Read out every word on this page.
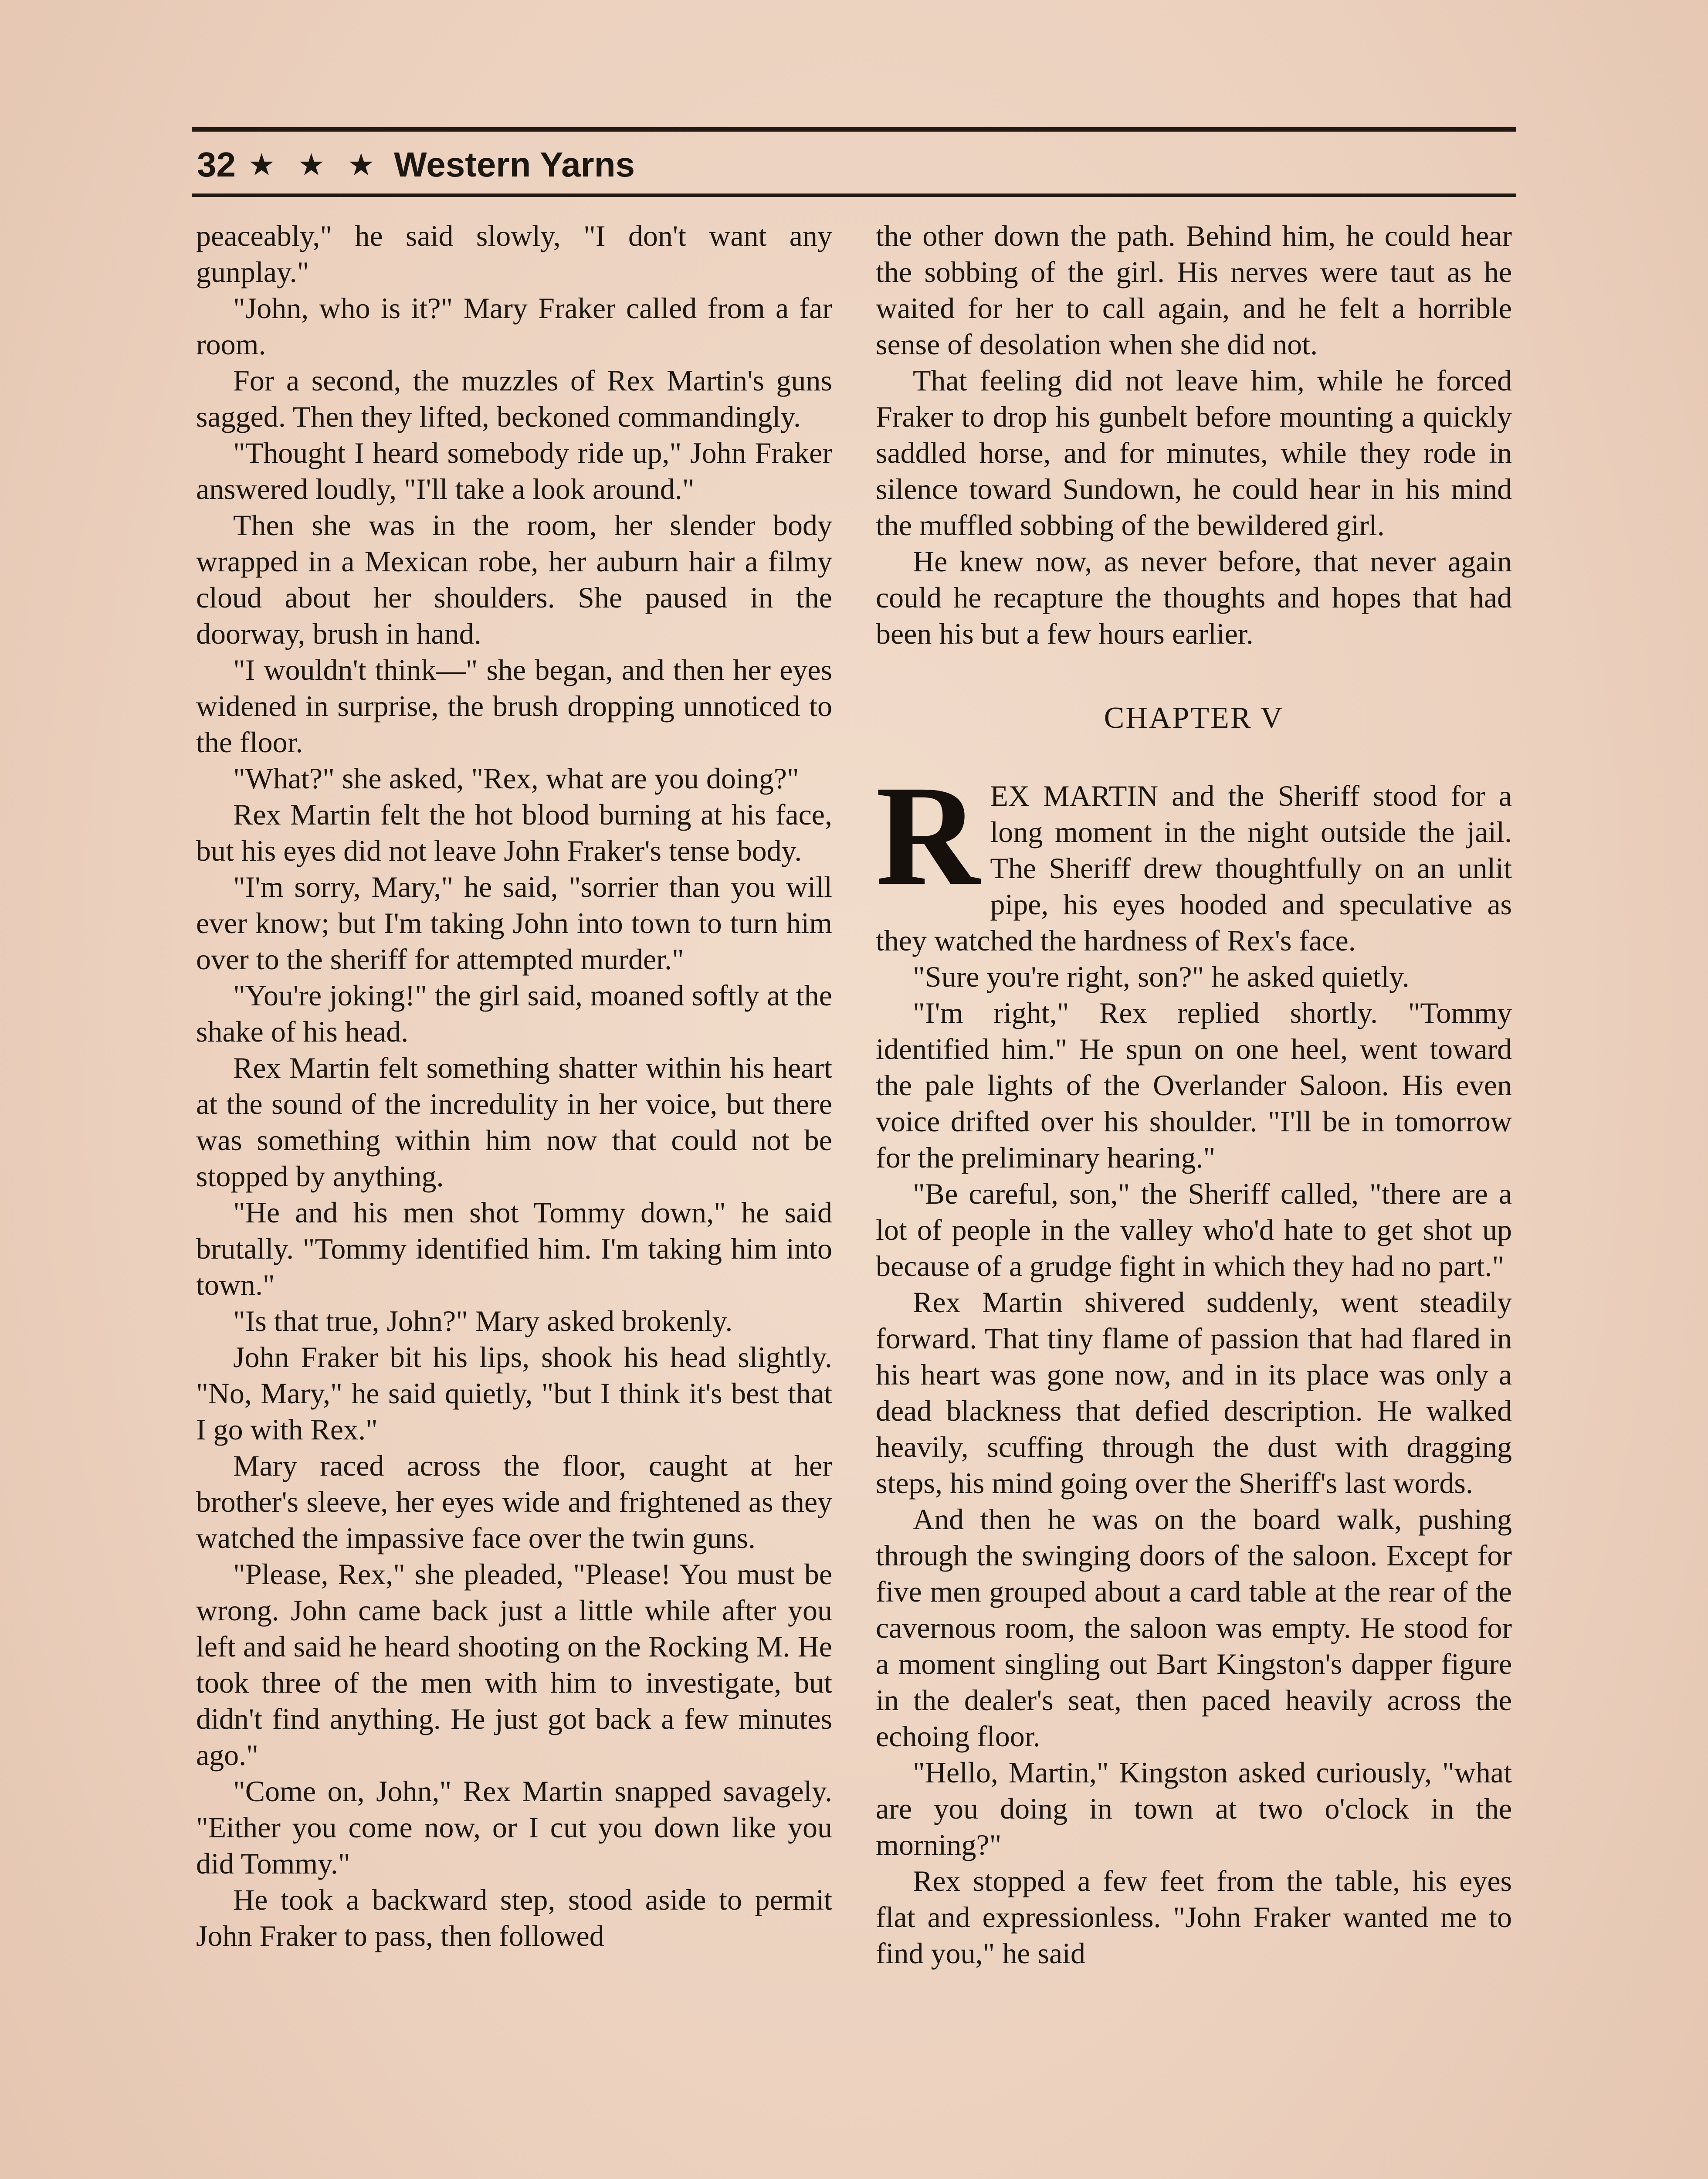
32 ★ ★ ★ Western Yarns

peaceably," he said slowly, "I don't want any gunplay."

"John, who is it?" Mary Fraker called from a far room.

For a second, the muzzles of Rex Martin's guns sagged. Then they lifted, beckoned commandingly.

"Thought I heard somebody ride up," John Fraker answered loudly, "I'll take a look around."

Then she was in the room, her slender body wrapped in a Mexican robe, her auburn hair a filmy cloud about her shoulders. She paused in the doorway, brush in hand.

"I wouldn't think—" she began, and then her eyes widened in surprise, the brush dropping unnoticed to the floor.

"What?" she asked, "Rex, what are you doing?"

Rex Martin felt the hot blood burning at his face, but his eyes did not leave John Fraker's tense body.

"I'm sorry, Mary," he said, "sorrier than you will ever know; but I'm taking John into town to turn him over to the sheriff for attempted murder."

"You're joking!" the girl said, moaned softly at the shake of his head.

Rex Martin felt something shatter within his heart at the sound of the incredulity in her voice, but there was something within him now that could not be stopped by anything.

"He and his men shot Tommy down," he said brutally. "Tommy identified him. I'm taking him into town."

"Is that true, John?" Mary asked brokenly.

John Fraker bit his lips, shook his head slightly. "No, Mary," he said quietly, "but I think it's best that I go with Rex."

Mary raced across the floor, caught at her brother's sleeve, her eyes wide and frightened as they watched the impassive face over the twin guns.

"Please, Rex," she pleaded, "Please! You must be wrong. John came back just a little while after you left and said he heard shooting on the Rocking M. He took three of the men with him to investigate, but didn't find anything. He just got back a few minutes ago."

"Come on, John," Rex Martin snapped savagely. "Either you come now, or I cut you down like you did Tommy."

He took a backward step, stood aside to permit John Fraker to pass, then followed

the other down the path. Behind him, he could hear the sobbing of the girl. His nerves were taut as he waited for her to call again, and he felt a horrible sense of desolation when she did not.

That feeling did not leave him, while he forced Fraker to drop his gunbelt before mounting a quickly saddled horse, and for minutes, while they rode in silence toward Sundown, he could hear in his mind the muffled sobbing of the bewildered girl.

He knew now, as never before, that never again could he recapture the thoughts and hopes that had been his but a few hours earlier.

CHAPTER V

R EX MARTIN and the Sheriff stood for a long moment in the night outside the jail. The Sheriff drew thoughtfully on an unlit pipe, his eyes hooded and speculative as they watched the hardness of Rex's face.

"Sure you're right, son?" he asked quietly.

"I'm right," Rex replied shortly. "Tommy identified him." He spun on one heel, went toward the pale lights of the Overlander Saloon. His even voice drifted over his shoulder. "I'll be in tomorrow for the preliminary hearing."

"Be careful, son," the Sheriff called, "there are a lot of people in the valley who'd hate to get shot up because of a grudge fight in which they had no part."

Rex Martin shivered suddenly, went steadily forward. That tiny flame of passion that had flared in his heart was gone now, and in its place was only a dead blackness that defied description. He walked heavily, scuffing through the dust with dragging steps, his mind going over the Sheriff's last words.

And then he was on the board walk, pushing through the swinging doors of the saloon. Except for five men grouped about a card table at the rear of the cavernous room, the saloon was empty. He stood for a moment singling out Bart Kingston's dapper figure in the dealer's seat, then paced heavily across the echoing floor.

"Hello, Martin," Kingston asked curiously, "what are you doing in town at two o'clock in the morning?"

Rex stopped a few feet from the table, his eyes flat and expressionless. "John Fraker wanted me to find you," he said
